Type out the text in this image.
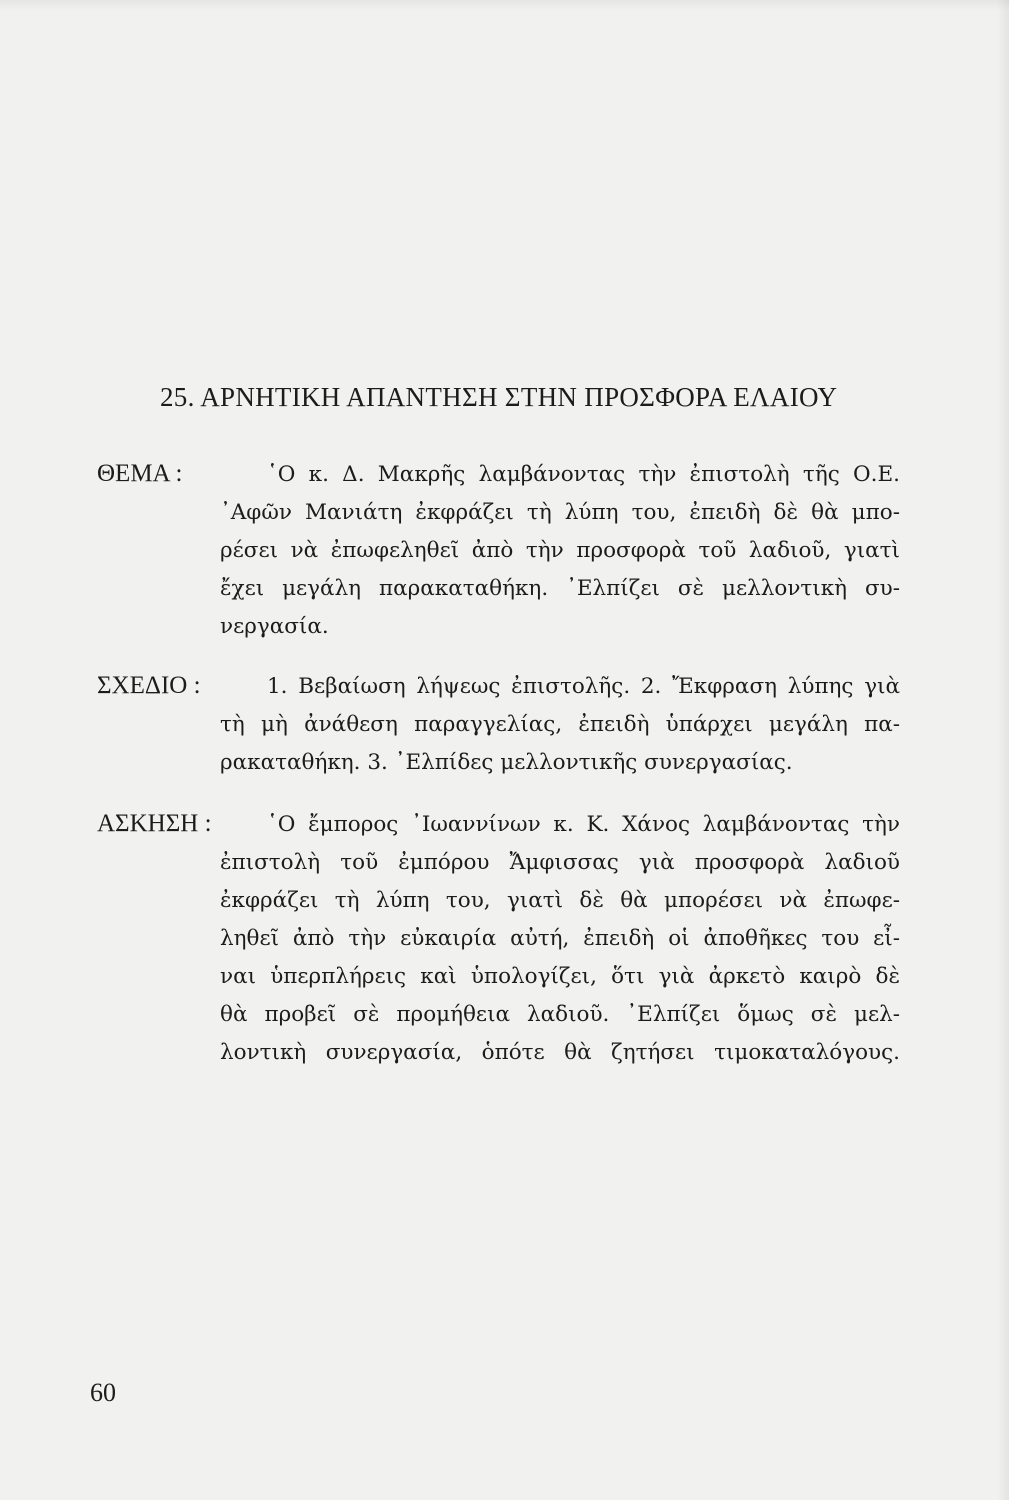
25. ΑΡΝΗΤΙΚΗ ΑΠΑΝΤΗΣΗ ΣΤΗΝ ΠΡΟΣΦΟΡΑ ΕΛΑΙΟΥ
ΘΕΜΑ :	῾Ο κ. Δ. Μακρῆς λαμβάνοντας τὴν ἐπιστολὴ τῆς Ο.Ε.
᾿Αφῶν Μανιάτη ἐκφράζει τὴ λύπη του, ἐπειδὴ δὲ θὰ μπο-
ρέσει νὰ ἐπωφεληθεῖ ἀπὸ τὴν προσφορὰ τοῦ λαδιοῦ, γιατὶ
ἔχει μεγάλη παρακαταθήκη. ᾿Ελπίζει σὲ μελλοντικὴ συ-
νεργασία.
ΣΧΕΔΙΟ :	1. Βεβαίωση λήψεως ἐπιστολῆς. 2. Ἔκφραση λύπης γιὰ
τὴ μὴ ἀνάθεση παραγγελίας, ἐπειδὴ ὑπάρχει μεγάλη πα-
ρακαταθήκη. 3. ᾿Ελπίδες μελλοντικῆς συνεργασίας.
ΑΣΚΗΣΗ :	῾Ο ἔμπορος ᾿Ιωαννίνων κ. Κ. Χάνος λαμβάνοντας τὴν
ἐπιστολὴ τοῦ ἐμπόρου Ἄμφισσας γιὰ προσφορὰ λαδιοῦ
ἐκφράζει τὴ λύπη του, γιατὶ δὲ θὰ μπορέσει νὰ ἐπωφε-
ληθεῖ ἀπὸ τὴν εὐκαιρία αὐτή, ἐπειδὴ οἱ ἀποθῆκες του εἶ-
ναι ὑπερπλήρεις καὶ ὑπολογίζει, ὅτι γιὰ ἀρκετὸ καιρὸ δὲ
θὰ προβεῖ σὲ προμήθεια λαδιοῦ. ᾿Ελπίζει ὅμως σὲ μελ-
λοντικὴ συνεργασία, ὁπότε θὰ ζητήσει τιμοκαταλόγους.
60
